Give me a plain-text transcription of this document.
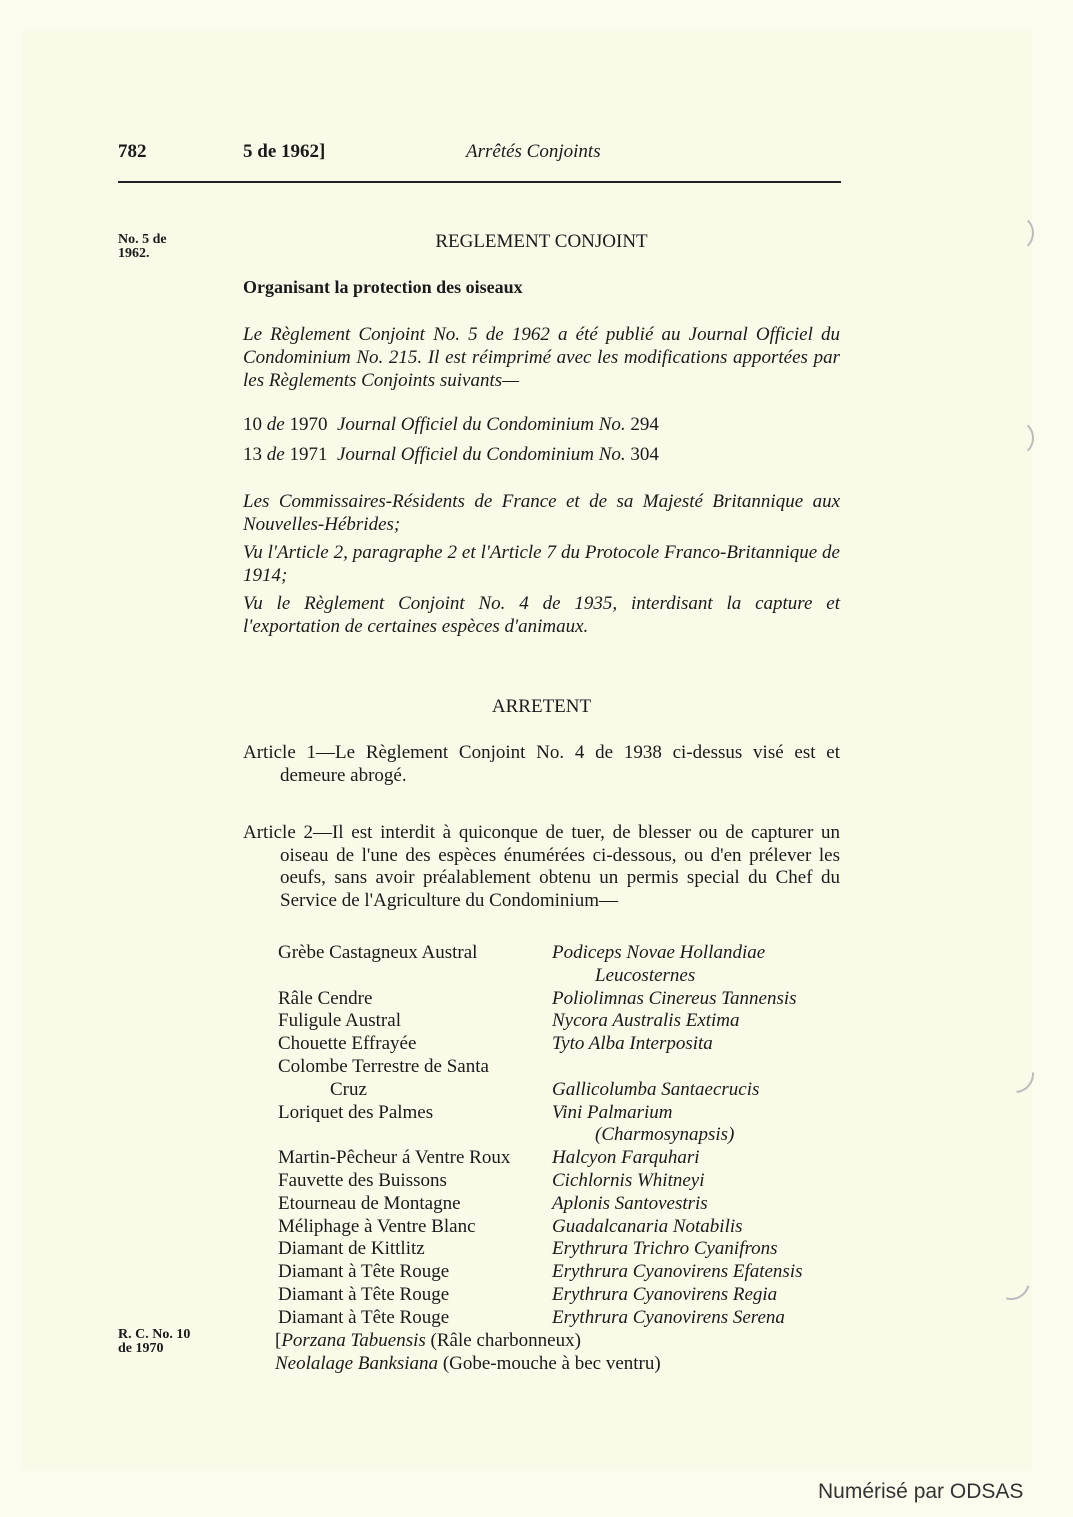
782	5 de 1962]	Arrêtés Conjoints
No. 5 de
1962.
REGLEMENT CONJOINT
Organisant la protection des oiseaux
Le Règlement Conjoint No. 5 de 1962 a été publié au Journal Officiel du Condominium No. 215. Il est réimprimé avec les modifications apportées par les Règlements Conjoints suivants—
10 de 1970 Journal Officiel du Condominium No. 294
13 de 1971 Journal Officiel du Condominium No. 304
Les Commissaires-Résidents de France et de sa Majesté Britannique aux Nouvelles-Hébrides;
Vu l'Article 2, paragraphe 2 et l'Article 7 du Protocole Franco-Britannique de 1914;
Vu le Règlement Conjoint No. 4 de 1935, interdisant la capture et l'exportation de certaines espèces d'animaux.
ARRETENT
Article 1—Le Règlement Conjoint No. 4 de 1938 ci-dessus visé est et demeure abrogé.
Article 2—Il est interdit à quiconque de tuer, de blesser ou de capturer un oiseau de l'une des espèces énumérées ci-dessous, ou d'en prélever les oeufs, sans avoir préalablement obtenu un permis special du Chef du Service de l'Agriculture du Condominium—
Grèbe Castagneux Austral	Podiceps Novae Hollandiae
Leucosternes
Râle Cendre	Poliolimnas Cinereus Tannensis
Fuligule Austral	Nycora Australis Extima
Chouette Effrayée	Tyto Alba Interposita
Colombe Terrestre de Santa
Cruz	Gallicolumba Santaecrucis
Loriquet des Palmes	Vini Palmarium
(Charmosynapsis)
Martin-Pêcheur á Ventre Roux Halcyon Farquhari
Fauvette des Buissons	Cichlornis Whitneyi
Etourneau de Montagne	Aplonis Santovestris
Méliphage à Ventre Blanc	Guadalcanaria Notabilis
Diamant de Kittlitz	Erythrura Trichro Cyanifrons
Diamant à Tête Rouge	Erythrura Cyanovirens Efatensis
Diamant à Tête Rouge	Erythrura Cyanovirens Regia
Diamant à Tête Rouge	Erythrura Cyanovirens Serena
R. C. No. 10
de 1970	[Porzana Tabuensis (Râle charbonneux)
Neolalage Banksiana (Gobe-mouche à bec ventru)
Numérisé par ODSAS
